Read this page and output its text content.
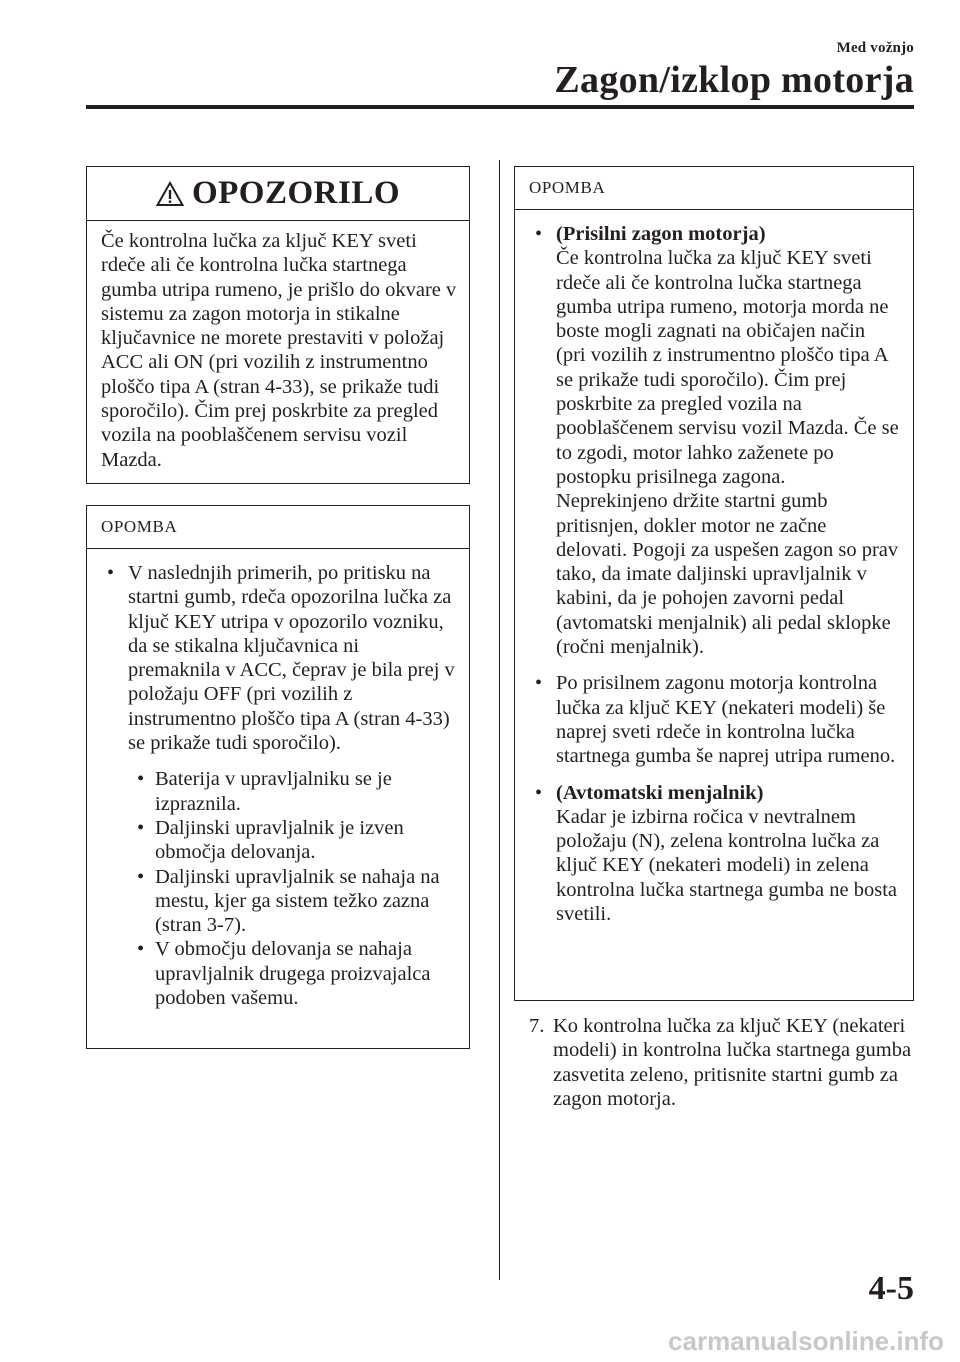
Med vožnjo
Zagon/izklop motorja
OPOZORILO
Če kontrolna lučka za ključ KEY sveti rdeče ali če kontrolna lučka startnega gumba utripa rumeno, je prišlo do okvare v sistemu za zagon motorja in stikalne ključavnice ne morete prestaviti v položaj ACC ali ON (pri vozilih z instrumentno ploščo tipa A (stran 4-33), se prikaže tudi sporočilo). Čim prej poskrbite za pregled vozila na pooblaščenem servisu vozil Mazda.
OPOMBA
• V naslednjih primerih, po pritisku na startni gumb, rdeča opozorilna lučka za ključ KEY utripa v opozorilo vozniku, da se stikalna ključavnica ni premaknila v ACC, čeprav je bila prej v položaju OFF (pri vozilih z instrumentno ploščo tipa A (stran 4-33) se prikaže tudi sporočilo).
• Baterija v upravljalniku se je izpraznila.
• Daljinski upravljalnik je izven območja delovanja.
• Daljinski upravljalnik se nahaja na mestu, kjer ga sistem težko zazna (stran 3-7).
• V območju delovanja se nahaja upravljalnik drugega proizvajalca podoben vašemu.
OPOMBA
• (Prisilni zagon motorja)
Če kontrolna lučka za ključ KEY sveti rdeče ali če kontrolna lučka startnega gumba utripa rumeno, motorja morda ne boste mogli zagnati na običajen način (pri vozilih z instrumentno ploščo tipa A se prikaže tudi sporočilo). Čim prej poskrbite za pregled vozila na pooblaščenem servisu vozil Mazda. Če se to zgodi, motor lahko zaženete po postopku prisilnega zagona. Neprekinjeno držite startni gumb pritisnjen, dokler motor ne začne delovati. Pogoji za uspešen zagon so prav tako, da imate daljinski upravljalnik v kabini, da je pohojen zavorni pedal (avtomatski menjalnik) ali pedal sklopke (ročni menjalnik).
• Po prisilnem zagonu motorja kontrolna lučka za ključ KEY (nekateri modeli) še naprej sveti rdeče in kontrolna lučka startnega gumba še naprej utripa rumeno.
• (Avtomatski menjalnik)
Kadar je izbirna ročica v nevtralnem položaju (N), zelena kontrolna lučka za ključ KEY (nekateri modeli) in zelena kontrolna lučka startnega gumba ne bosta svetili.
7. Ko kontrolna lučka za ključ KEY (nekateri modeli) in kontrolna lučka startnega gumba zasvetita zeleno, pritisnite startni gumb za zagon motorja.
4-5
carmanualsonline.info
